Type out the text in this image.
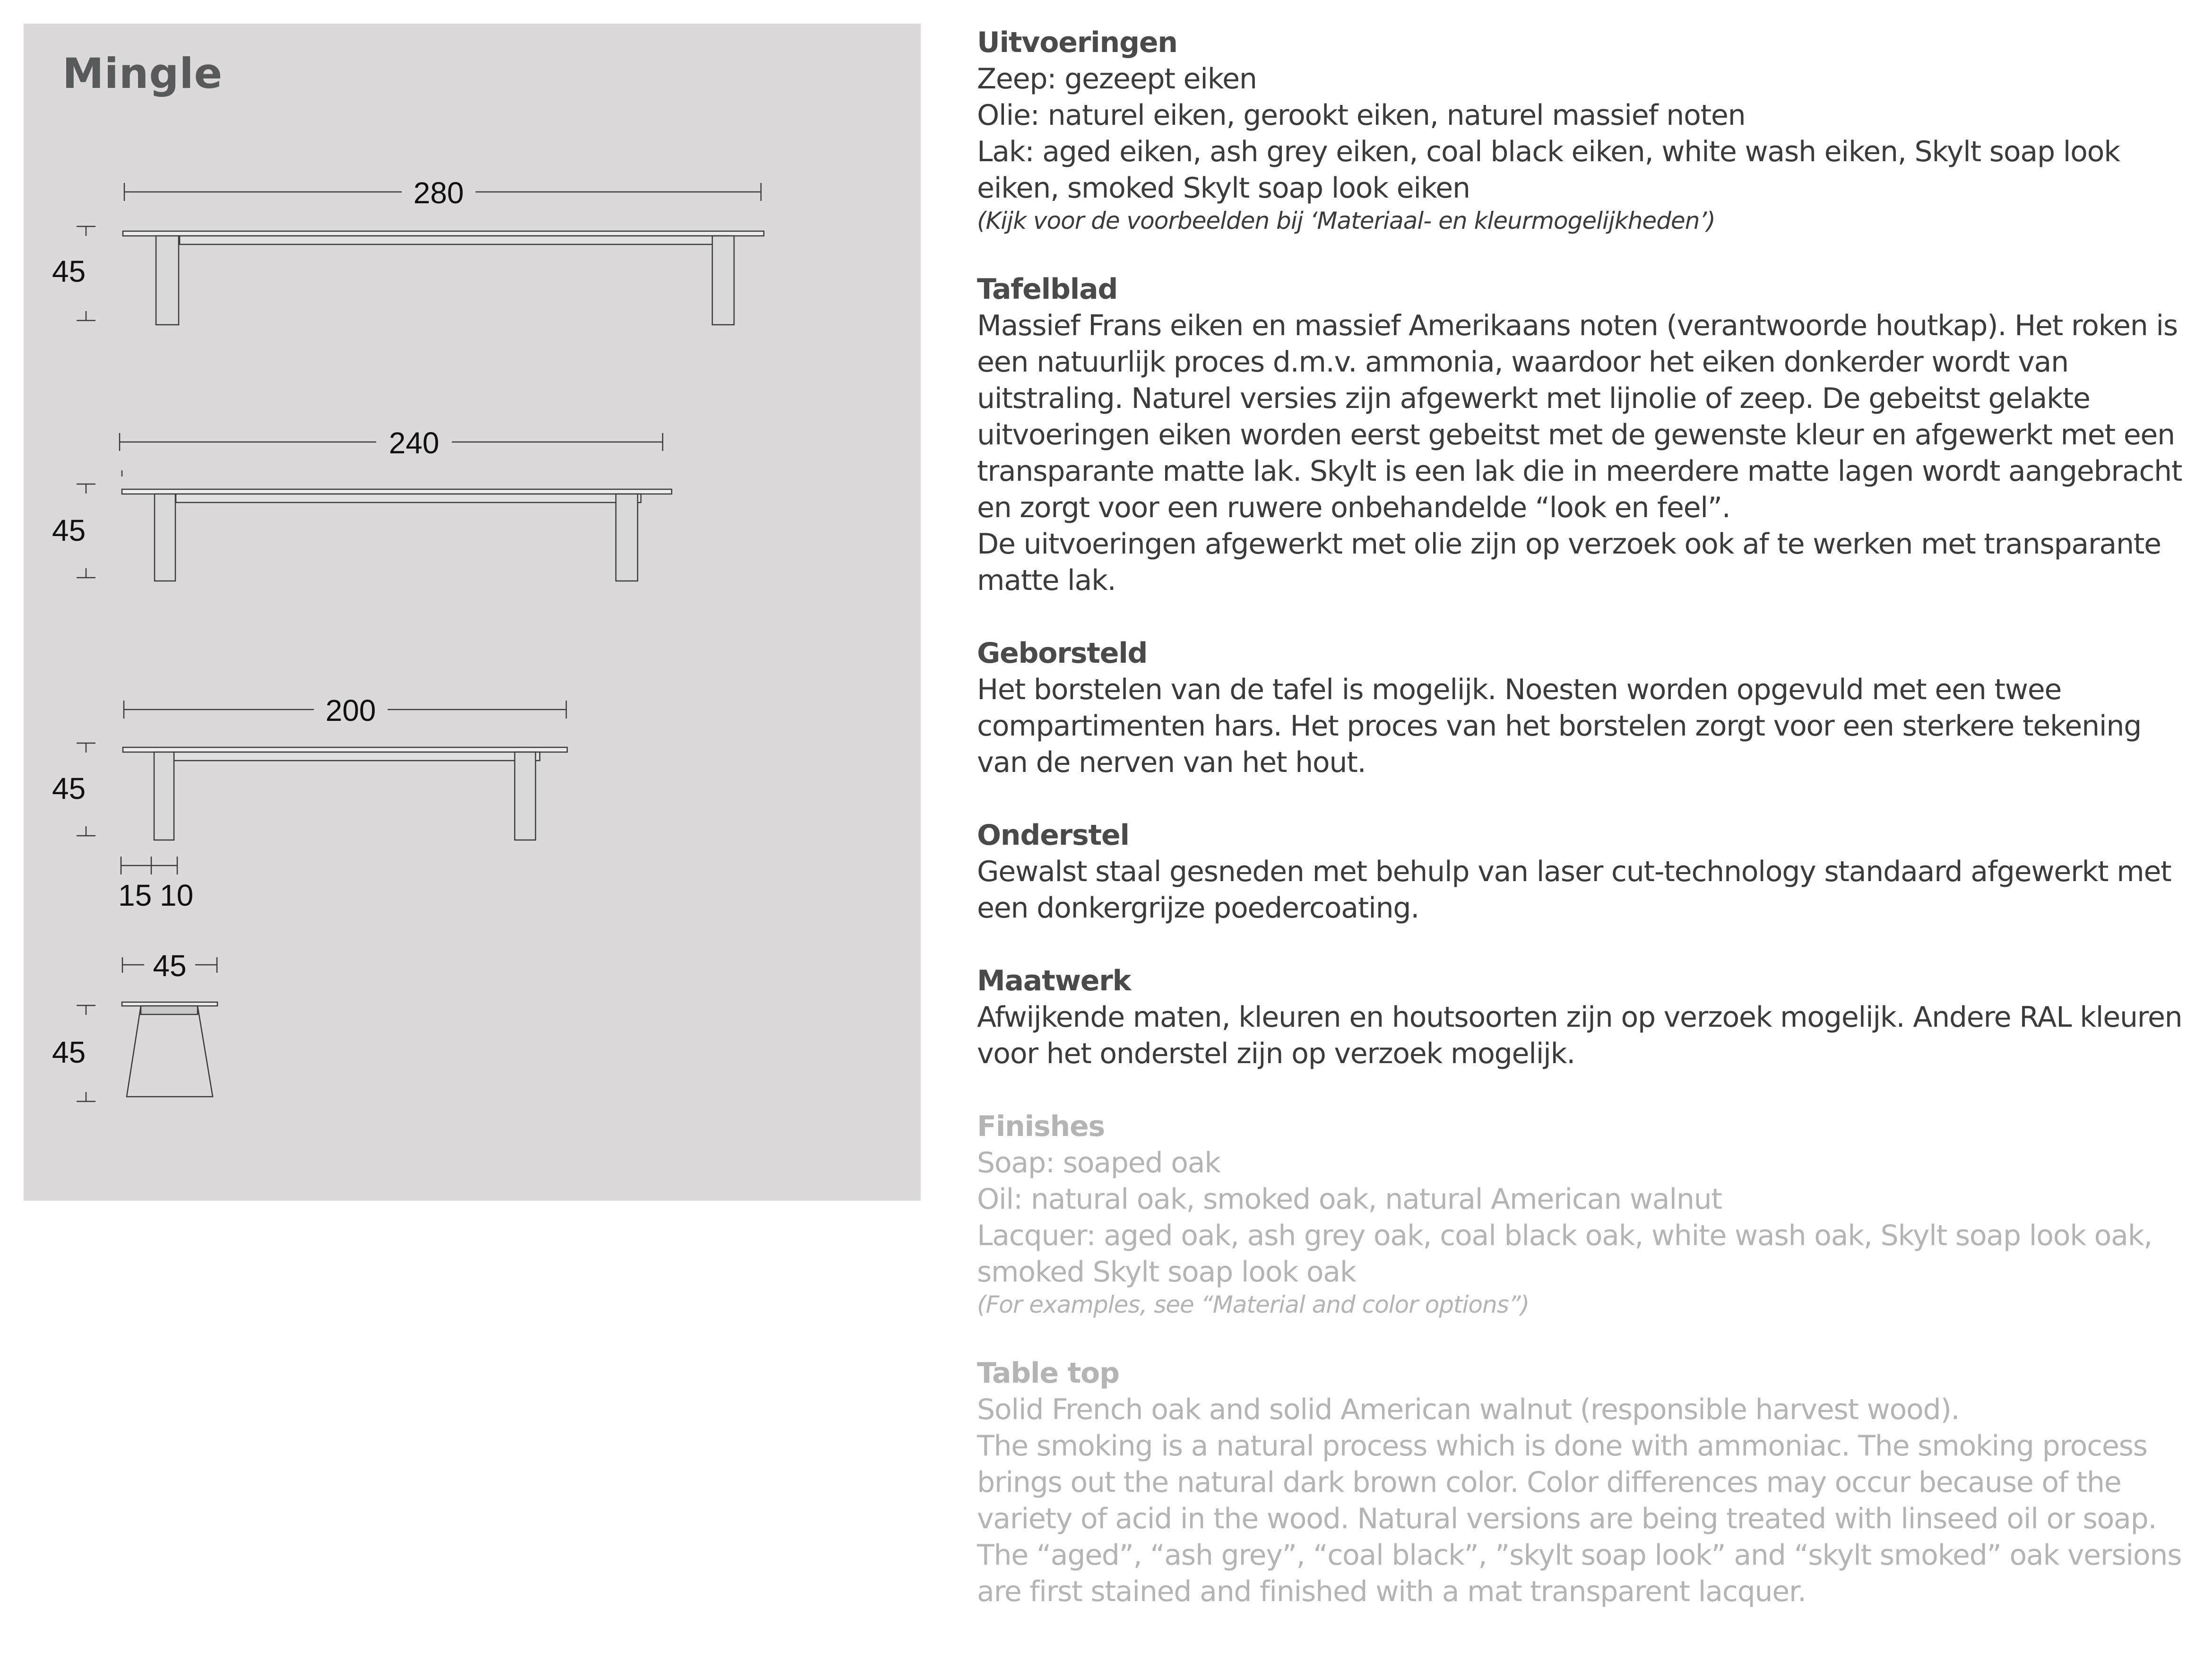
Mingle
280
45
240
45
200
45
15 10
45
45
Uitvoeringen

Zeep: gezeept eiken

Olie: naturel eiken, gerookt eiken, naturel massief noten

Lak: aged eiken, ash grey eiken, coal black eiken, white wash eiken, Skylt soap look eiken, smoked Skylt soap look eiken

(Kijk voor de voorbeelden bij ‘Materiaal- en kleurmogelijkheden’)

Tafelblad

Massief Frans eiken en massief Amerikaans noten (verantwoorde houtkap). Het roken is een natuurlijk proces d.m.v. ammonia, waardoor het eiken donkerder wordt van uitstraling. Naturel versies zijn afgewerkt met lijnolie of zeep. De gebeitst gelakte uitvoeringen eiken worden eerst gebeitst met de gewenste kleur en afgewerkt met een transparante matte lak. Skylt is een lak die in meerdere matte lagen wordt aangebracht en zorgt voor een ruwere onbehandelde “look en feel”.

De uitvoeringen afgewerkt met olie zijn op verzoek ook af te werken met transparante matte lak.

Geborsteld

Het borstelen van de tafel is mogelijk. Noesten worden opgevuld met een twee compartimenten hars. Het proces van het borstelen zorgt voor een sterkere tekening van de nerven van het hout.

Onderstel

Gewalst staal gesneden met behulp van laser cut-technology standaard afgewerkt met een donkergrijze poedercoating.

Maatwerk

Afwijkende maten, kleuren en houtsoorten zijn op verzoek mogelijk. Andere RAL kleuren voor het onderstel zijn op verzoek mogelijk.

Finishes

Soap: soaped oak

Oil: natural oak, smoked oak, natural American walnut

Lacquer: aged oak, ash grey oak, coal black oak, white wash oak, Skylt soap look oak, smoked Skylt soap look oak

(For examples, see “Material and color options”)

Table top

Solid French oak and solid American walnut (responsible harvest wood).

The smoking is a natural process which is done with ammoniac. The smoking process brings out the natural dark brown color. Color differences may occur because of the variety of acid in the wood. Natural versions are being treated with linseed oil or soap. The “aged”, “ash grey”, “coal black”, ”skylt soap look” and “skylt smoked” oak versions are first stained and finished with a mat transparent lacquer.
